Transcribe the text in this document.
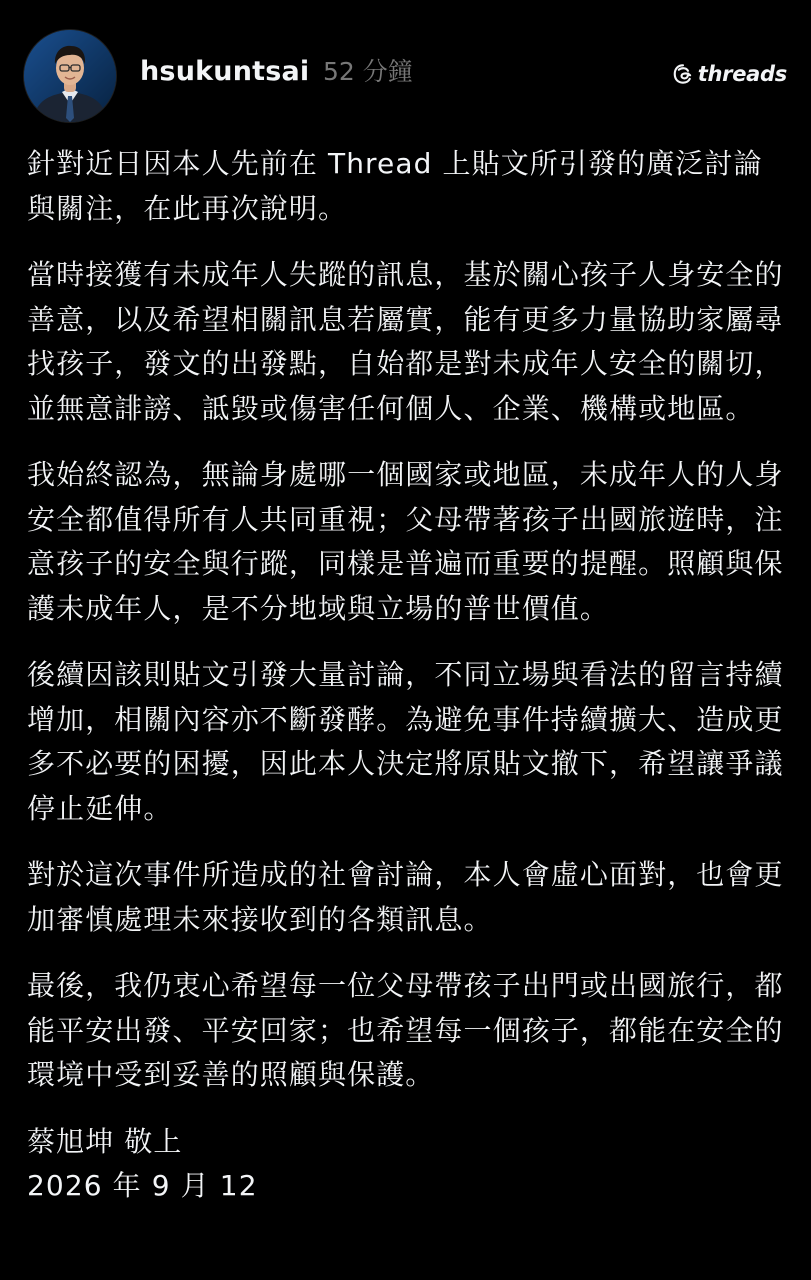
hsukuntsai 52 分鐘	threads

針對近日因本人先前在 Thread 上貼文所引發的廣泛討論與關注，在此再次說明。

當時接獲有未成年人失蹤的訊息，基於關心孩子人身安全的善意，以及希望相關訊息若屬實，能有更多力量協助家屬尋找孩子，發文的出發點，自始都是對未成年人安全的關切，並無意誹謗、詆毀或傷害任何個人、企業、機構或地區。

我始終認為，無論身處哪一個國家或地區，未成年人的人身安全都值得所有人共同重視；父母帶著孩子出國旅遊時，注意孩子的安全與行蹤，同樣是普遍而重要的提醒。照顧與保護未成年人，是不分地域與立場的普世價值。

後續因該則貼文引發大量討論，不同立場與看法的留言持續增加，相關內容亦不斷發酵。為避免事件持續擴大、造成更多不必要的困擾，因此本人決定將原貼文撤下，希望讓爭議停止延伸。

對於這次事件所造成的社會討論，本人會虛心面對，也會更加審慎處理未來接收到的各類訊息。

最後，我仍衷心希望每一位父母帶孩子出門或出國旅行，都能平安出發、平安回家；也希望每一個孩子，都能在安全的環境中受到妥善的照顧與保護。

蔡旭坤 敬上

2026 年 9 月 12
